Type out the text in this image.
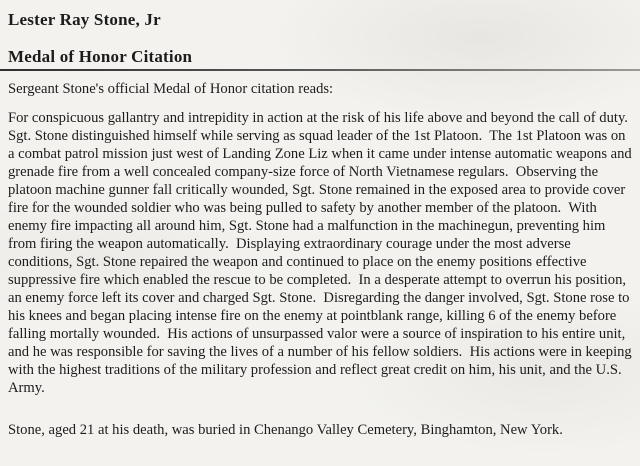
Lester Ray Stone, Jr
Medal of Honor Citation

Sergeant Stone's official Medal of Honor citation reads:

For conspicuous gallantry and intrepidity in action at the risk of his life above and beyond the call of duty.  Sgt. Stone distinguished himself while serving as squad leader of the 1st Platoon.  The 1st Platoon was on a combat patrol mission just west of Landing Zone Liz when it came under intense automatic weapons and grenade fire from a well concealed company-size force of North Vietnamese regulars.  Observing the platoon machine gunner fall critically wounded, Sgt. Stone remained in the exposed area to provide cover fire for the wounded soldier who was being pulled to safety by another member of the platoon.  With enemy fire impacting all around him, Sgt. Stone had a malfunction in the machinegun, preventing him from firing the weapon automatically.  Displaying extraordinary courage under the most adverse conditions, Sgt. Stone repaired the weapon and continued to place on the enemy positions effective suppressive fire which enabled the rescue to be completed.  In a desperate attempt to overrun his position, an enemy force left its cover and charged Sgt. Stone.  Disregarding the danger involved, Sgt. Stone rose to his knees and began placing intense fire on the enemy at pointblank range, killing 6 of the enemy before falling mortally wounded.  His actions of unsurpassed valor were a source of inspiration to his entire unit, and he was responsible for saving the lives of a number of his fellow soldiers.  His actions were in keeping with the highest traditions of the military profession and reflect great credit on him, his unit, and the U.S. Army.

Stone, aged 21 at his death, was buried in Chenango Valley Cemetery, Binghamton, New York.
